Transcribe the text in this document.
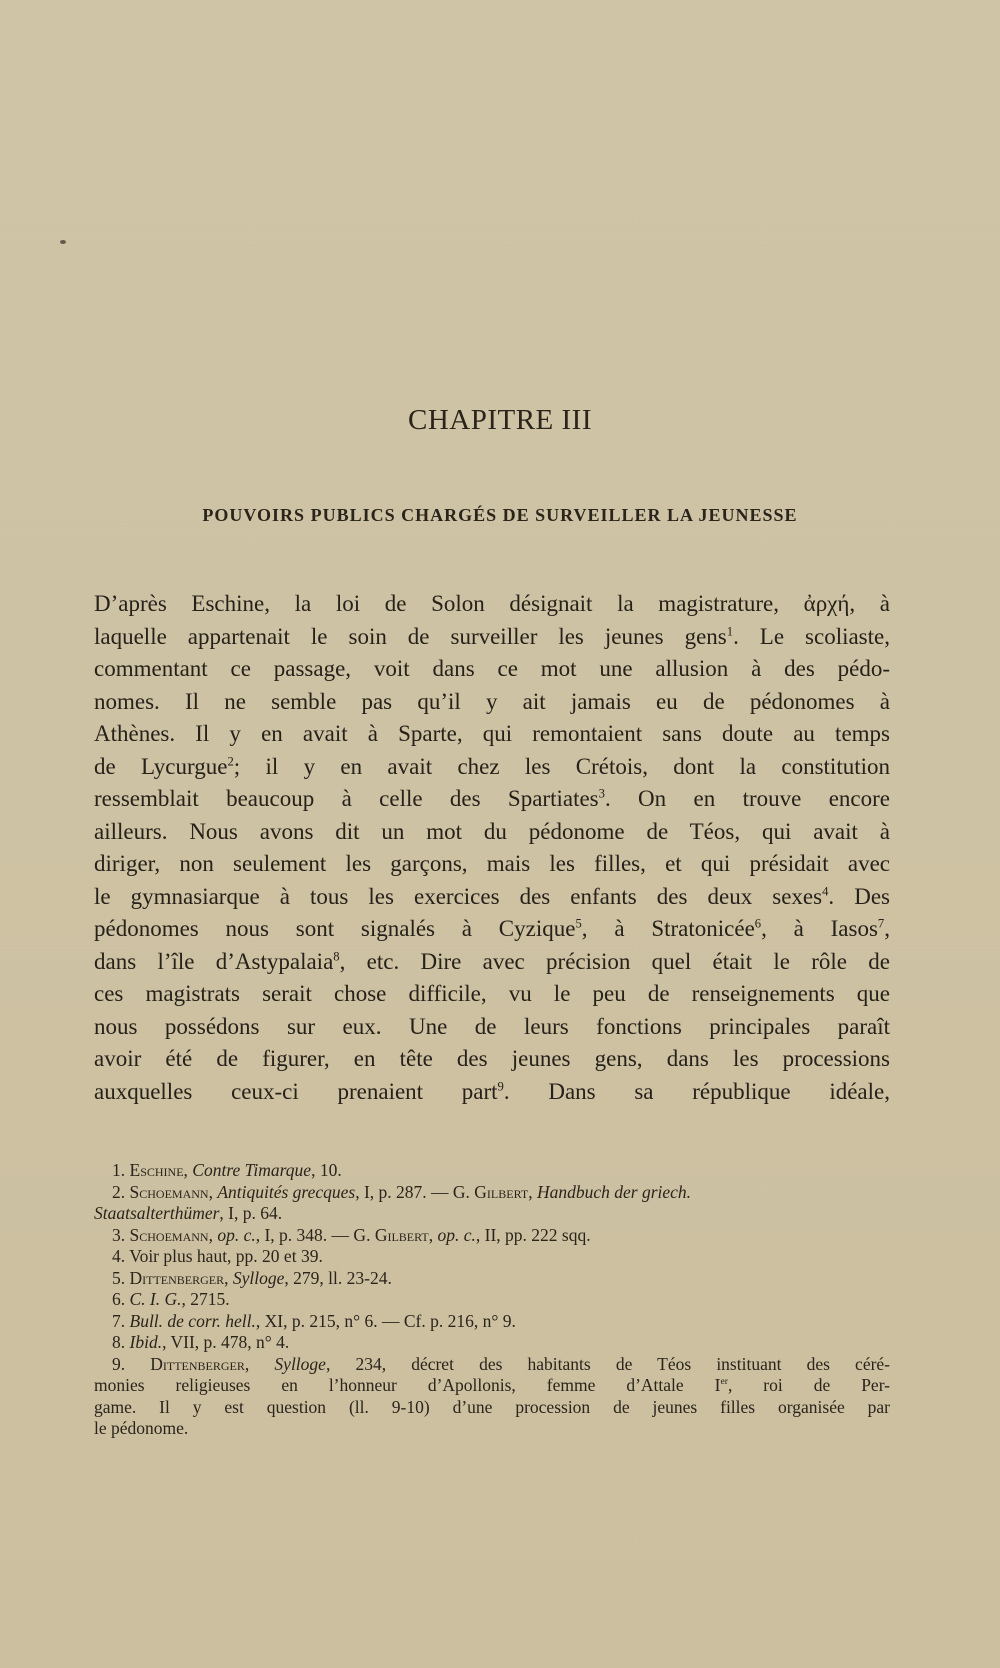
CHAPITRE III
POUVOIRS PUBLICS CHARGÉS DE SURVEILLER LA JEUNESSE
D’après Eschine, la loi de Solon désignait la magistrature, ἀρχή, à
laquelle appartenait le soin de surveiller les jeunes gens$^1$. Le scoliaste,
commentant ce passage, voit dans ce mot une allusion à des pédo-
nomes. Il ne semble pas qu’il y ait jamais eu de pédonomes à
Athènes. Il y en avait à Sparte, qui remontaient sans doute au temps
de Lycurgue$^2$; il y en avait chez les Crétois, dont la constitution
ressemblait beaucoup à celle des Spartiates$^3$. On en trouve encore
ailleurs. Nous avons dit un mot du pédonome de Téos, qui avait à
diriger, non seulement les garçons, mais les filles, et qui présidait avec
le gymnasiarque à tous les exercices des enfants des deux sexes$^4$. Des
pédonomes nous sont signalés à Cyzique$^5$, à Stratonicée$^6$, à Iasos$^7$,
dans l’île d’Astypalaia$^8$, etc. Dire avec précision quel était le rôle de
ces magistrats serait chose difficile, vu le peu de renseignements que
nous possédons sur eux. Une de leurs fonctions principales paraît
avoir été de figurer, en tête des jeunes gens, dans les processions
auxquelles ceux-ci prenaient part$^9$. Dans sa république idéale,
1. Eschine, Contre Timarque, 10.
2. Schoemann, Antiquités grecques, I, p. 287. — G. Gilbert, Handbuch der griech.
Staatsalterthümer, I, p. 64.
3. Schoemann, op. c., I, p. 348. — G. Gilbert, op. c., II, pp. 222 sqq.
4. Voir plus haut, pp. 20 et 39.
5. Dittenberger, Sylloge, 279, ll. 23-24.
6. C. I. G., 2715.
7. Bull. de corr. hell., XI, p. 215, n° 6. — Cf. p. 216, n° 9.
8. Ibid., VII, p. 478, n° 4.
9. Dittenberger, Sylloge, 234, décret des habitants de Téos instituant des céré-
monies religieuses en l’honneur d’Apollonis, femme d’Attale Ier, roi de Per-
game. Il y est question (ll. 9-10) d’une procession de jeunes filles organisée par
le pédonome.
